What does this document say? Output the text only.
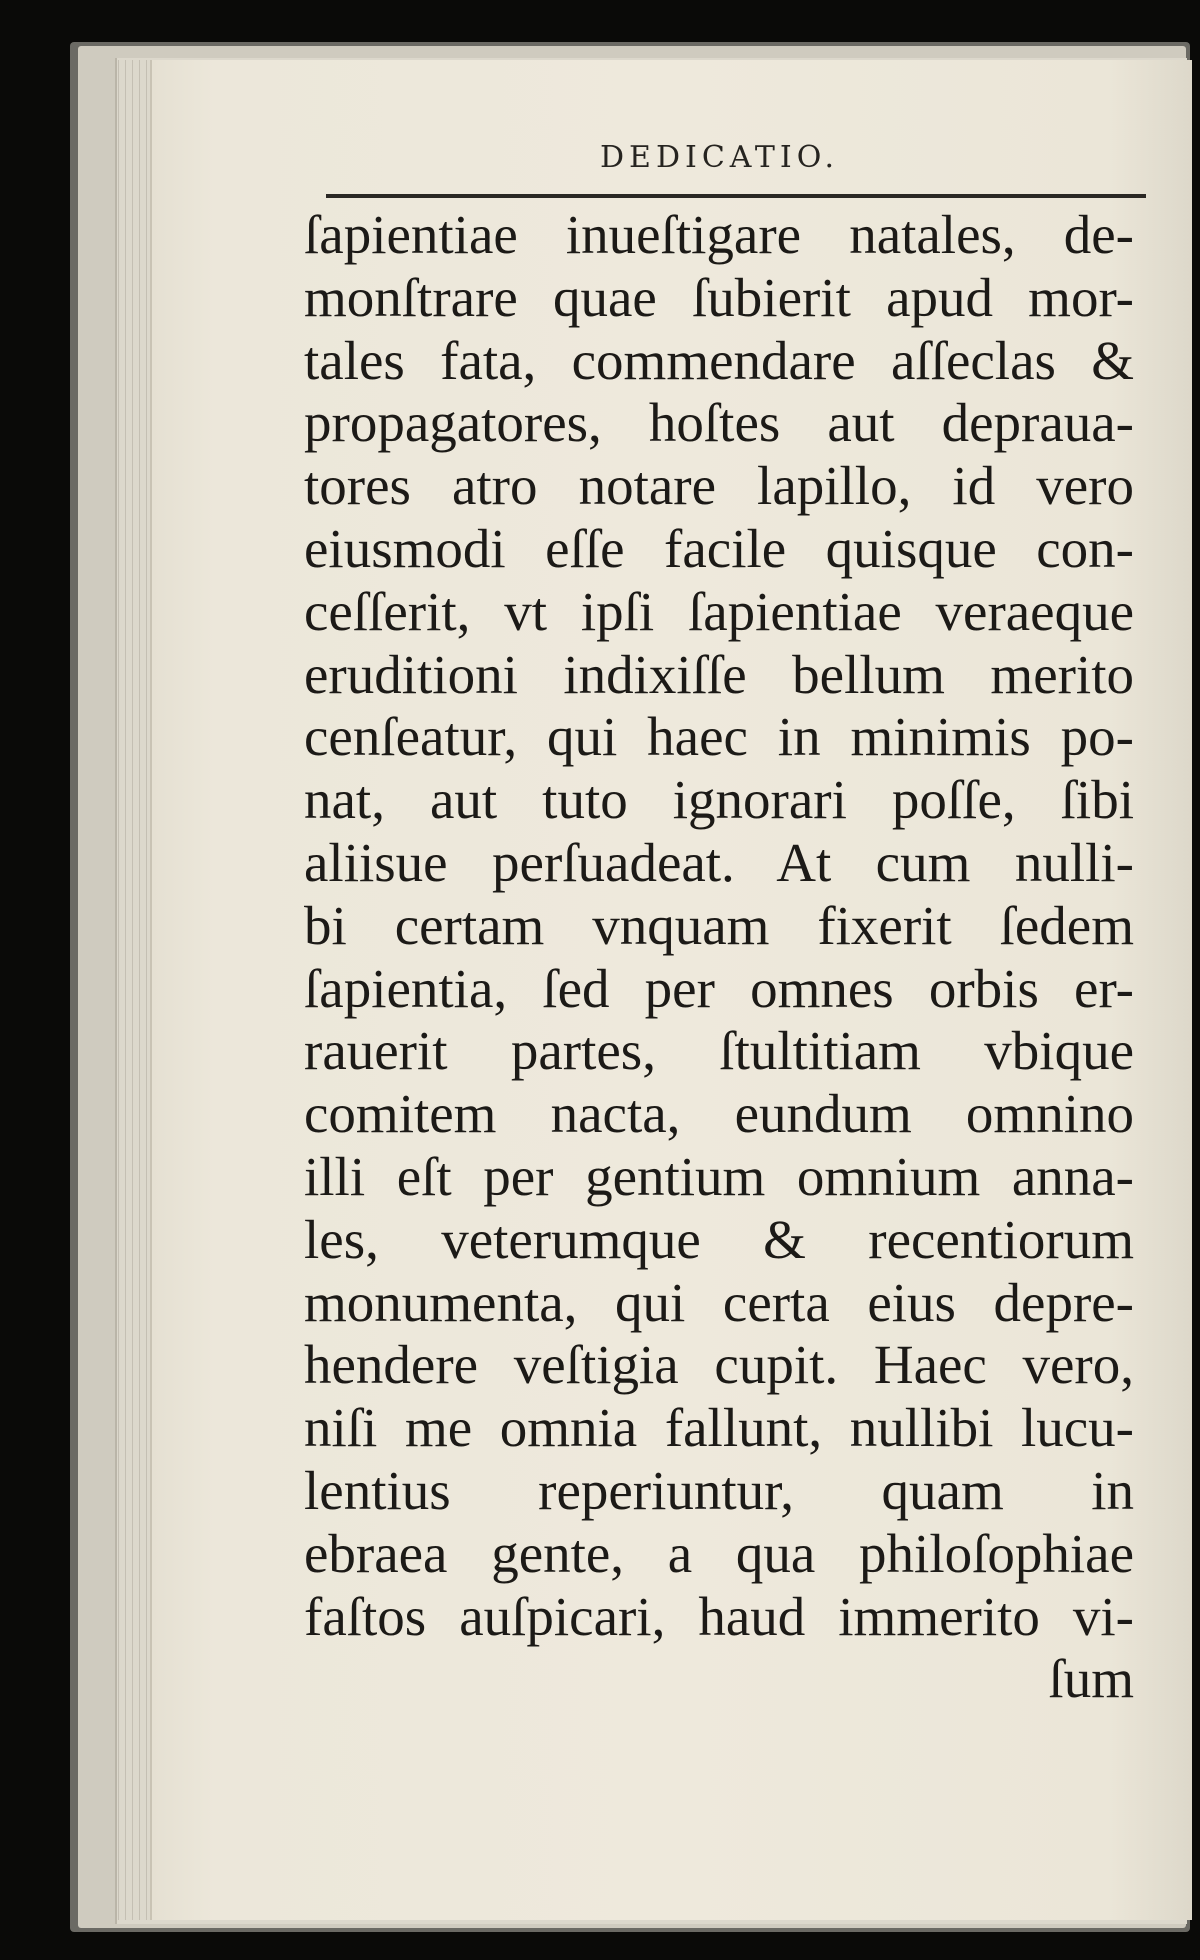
DEDICATIO.
ſapientiae inueſtigare natales, de-
monſtrare quae ſubierit apud mor-
tales fata, commendare aſſeclas &
propagatores, hoſtes aut deprauа-
tores atro notare lapillo, id vero
eiusmodi eſſe facile quisque con-
ceſſerit, vt ipſi ſapientiae veraeque
eruditioni indixiſſe bellum merito
cenſeatur, qui haec in minimis po-
nat, aut tuto ignorari poſſe, ſibi
aliisue perſuadeat. At cum nulli-
bi certam vnquam fixerit ſedem
ſapientia, ſed per omnes orbis er-
rauerit partes, ſtultitiam vbique
comitem nacta, eundum omnino
illi eſt per gentium omnium anna-
les, veterumque & recentiorum
monumenta, qui certa eius depre-
hendere veſtigia cupit. Haec vero,
niſi me omnia fallunt, nullibi lucu-
lentius reperiuntur, quam in
ebraea gente, a qua philoſophiae
faſtos auſpicari, haud immerito vi-
ſum
